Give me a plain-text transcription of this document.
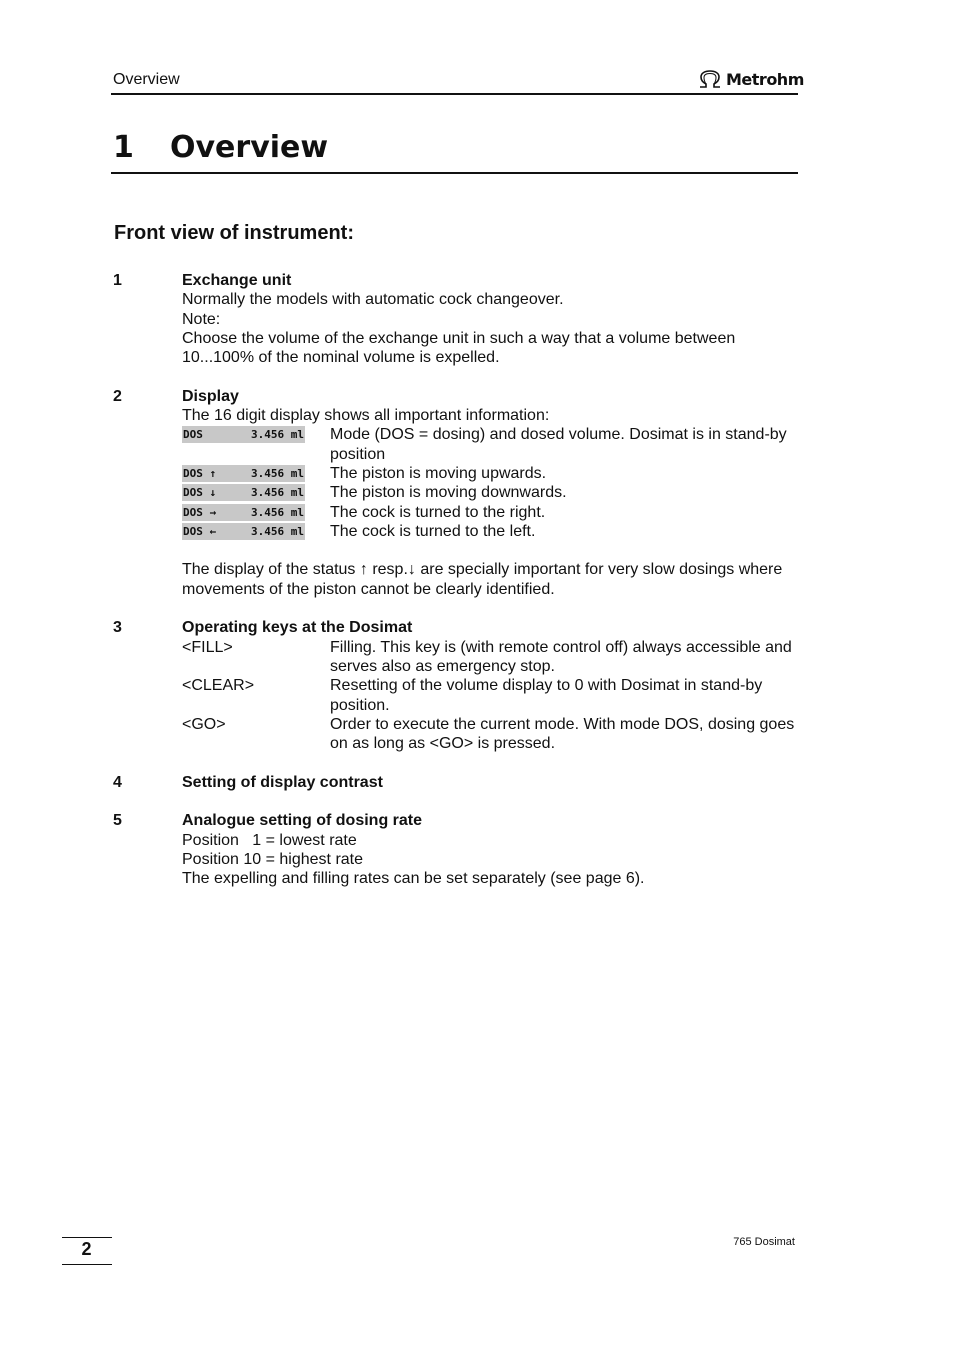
Overview	Metrohm
1 Overview
Front view of instrument:
1	Exchange unit
Normally the models with automatic cock changeover.
Note:
Choose the volume of the exchange unit in such a way that a volume between 10...100% of the nominal volume is expelled.
2	Display
The 16 digit display shows all important information:
DOS	3.456 ml Mode (DOS = dosing) and dosed volume. Dosimat is in stand-by position
DOS ↑	3.456 ml The piston is moving upwards.
DOS ↓	3.456 ml The piston is moving downwards.
DOS →	3.456 ml The cock is turned to the right.
DOS ←	3.456 ml The cock is turned to the left.
The display of the status ↑ resp.↓ are specially important for very slow dosings where movements of the piston cannot be clearly identified.
3	Operating keys at the Dosimat
<FILL>	Filling. This key is (with remote control off) always accessible and serves also as emergency stop.
<CLEAR>	Resetting of the volume display to 0 with Dosimat in stand-by position.
<GO>	Order to execute the current mode. With mode DOS, dosing goes on as long as <GO> is pressed.
4	Setting of display contrast
5	Analogue setting of dosing rate
Position   1 = lowest rate
Position 10 = highest rate
The expelling and filling rates can be set separately (see page 6).
2	765 Dosimat
